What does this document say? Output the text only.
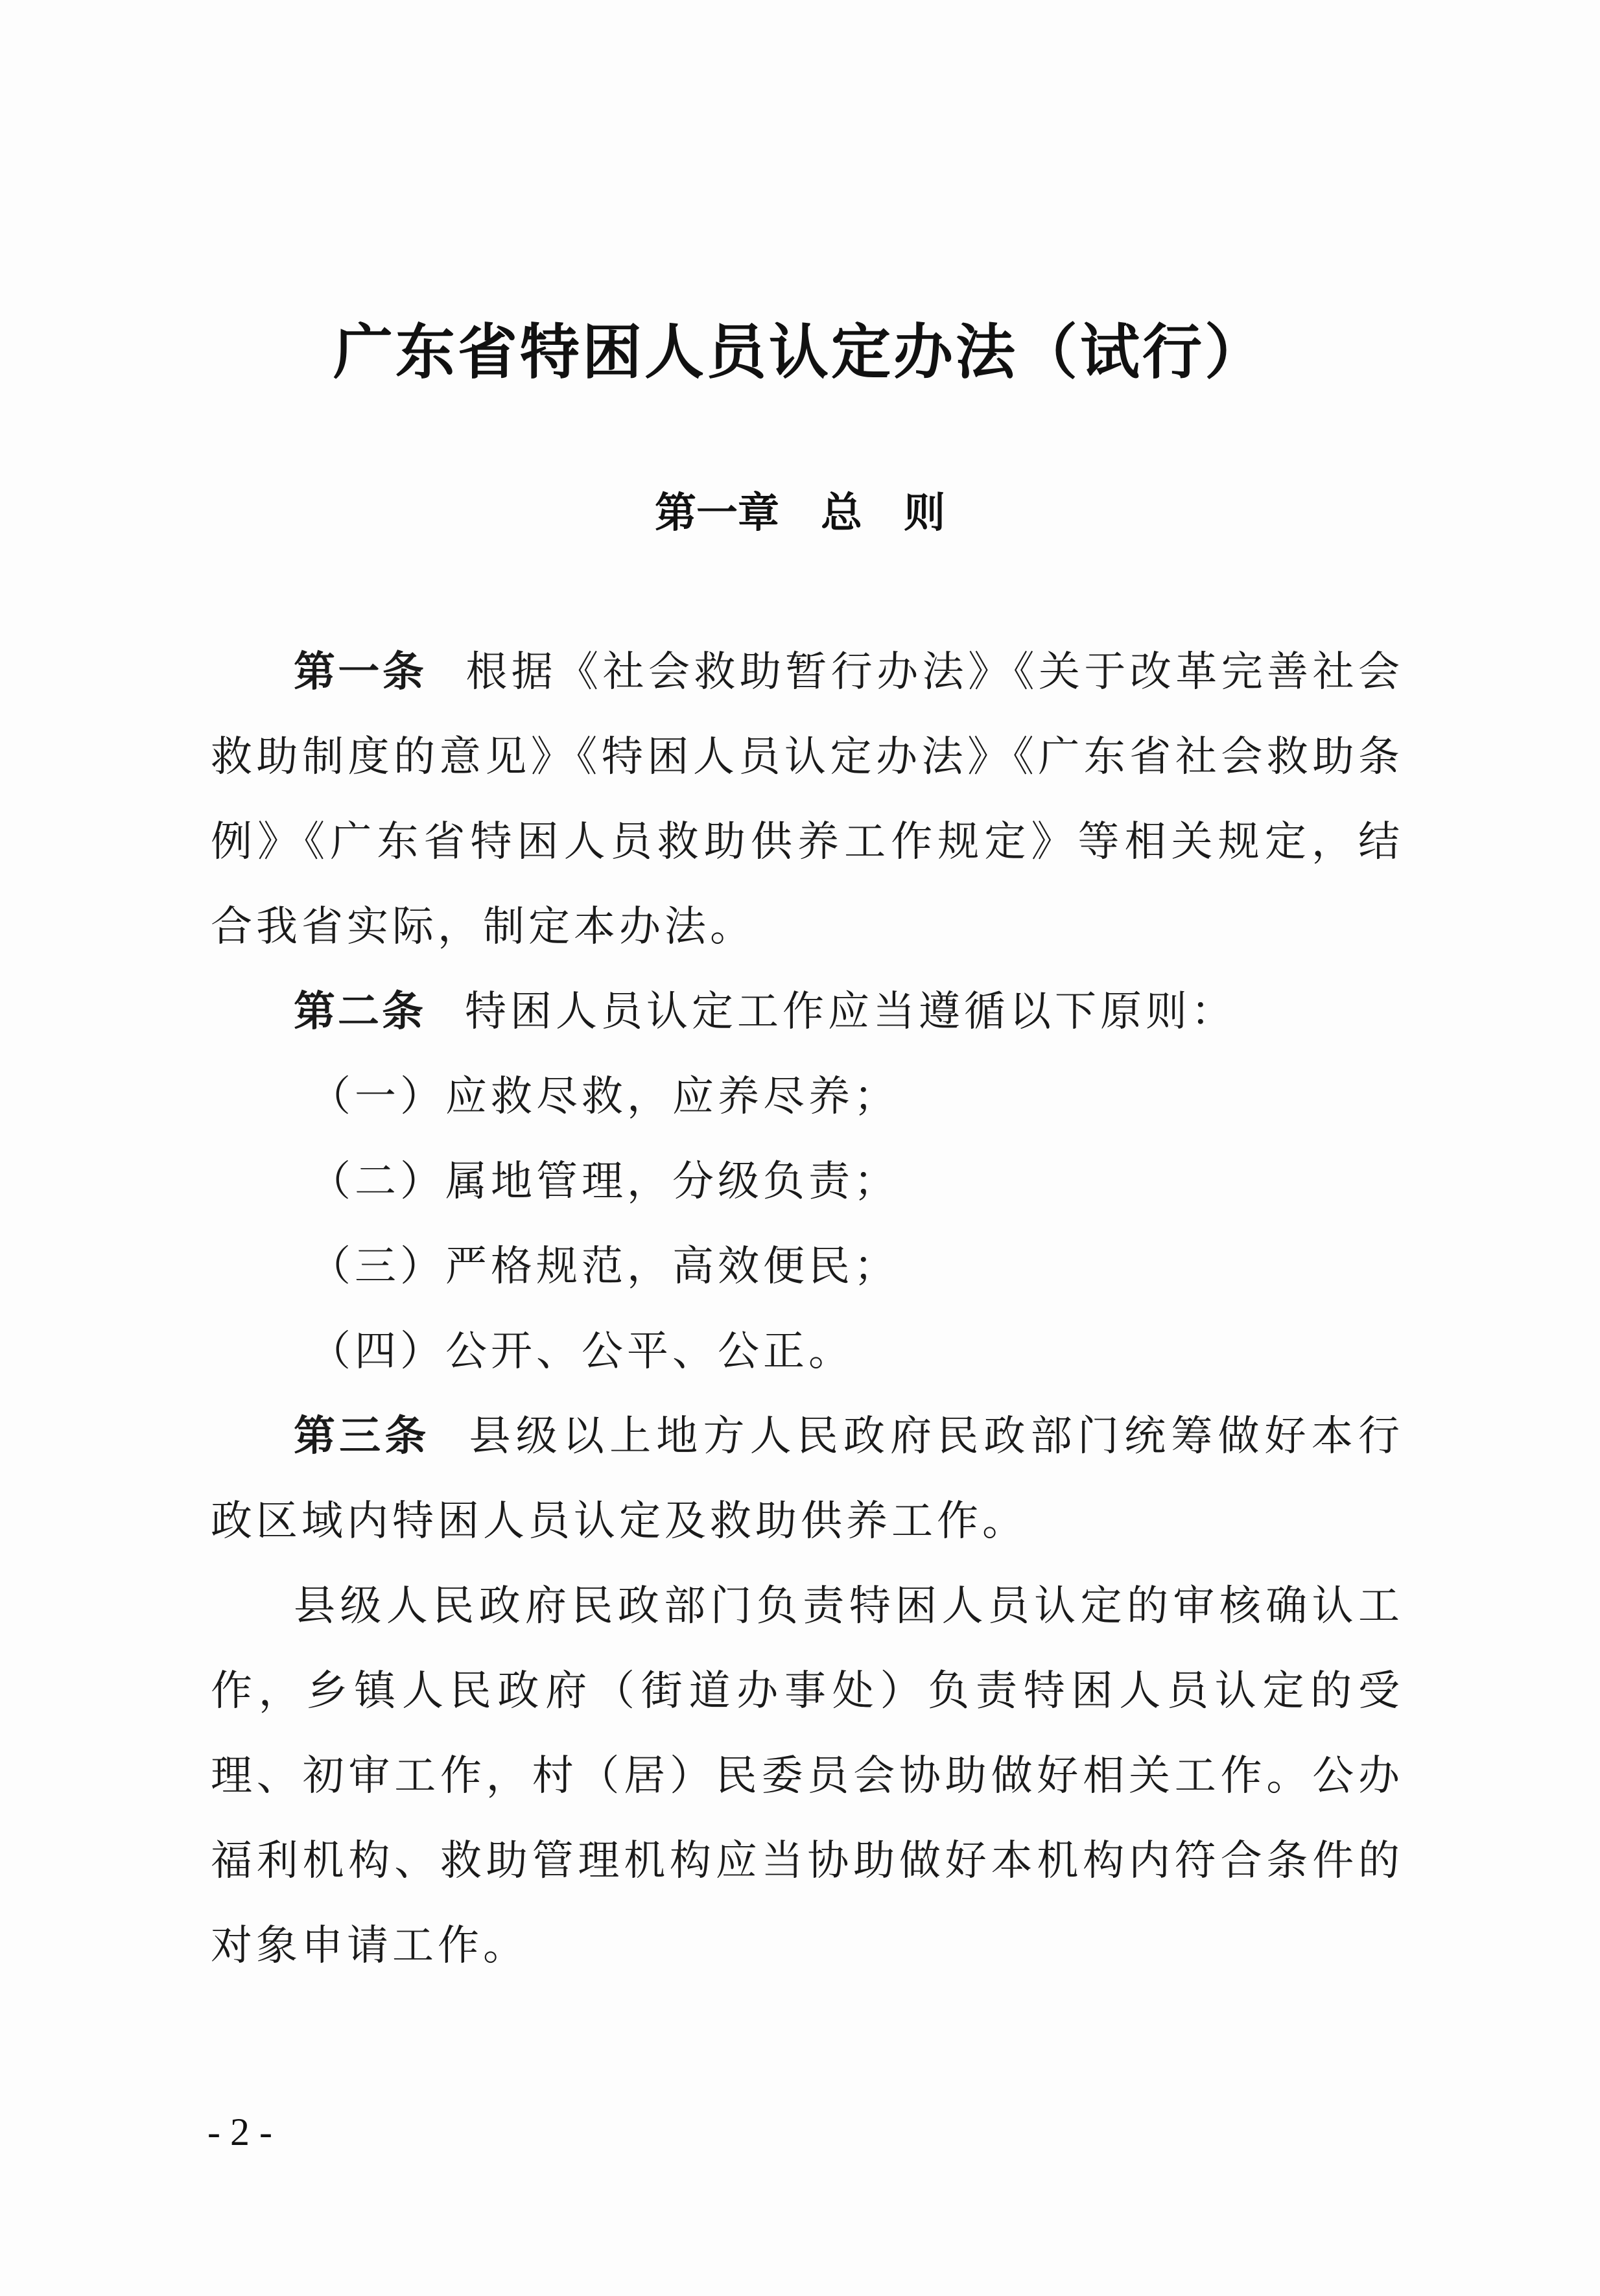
广东省特困人员认定办法（试行）
第一章 总 则

第一条 根据《社会救助暂行办法》《关于改革完善社会救助制度的意见》《特困人员认定办法》《广东省社会救助条例》《广东省特困人员救助供养工作规定》等相关规定，结合我省实际，制定本办法。

第二条 特困人员认定工作应当遵循以下原则：

（一）应救尽救，应养尽养；

（二）属地管理，分级负责；

（三）严格规范，高效便民；

（四）公开、公平、公正。

第三条 县级以上地方人民政府民政部门统筹做好本行政区域内特困人员认定及救助供养工作。

县级人民政府民政部门负责特困人员认定的审核确认工作，乡镇人民政府（街道办事处）负责特困人员认定的受理、初审工作，村（居）民委员会协助做好相关工作。公办福利机构、救助管理机构应当协助做好本机构内符合条件的对象申请工作。

- 2 -
